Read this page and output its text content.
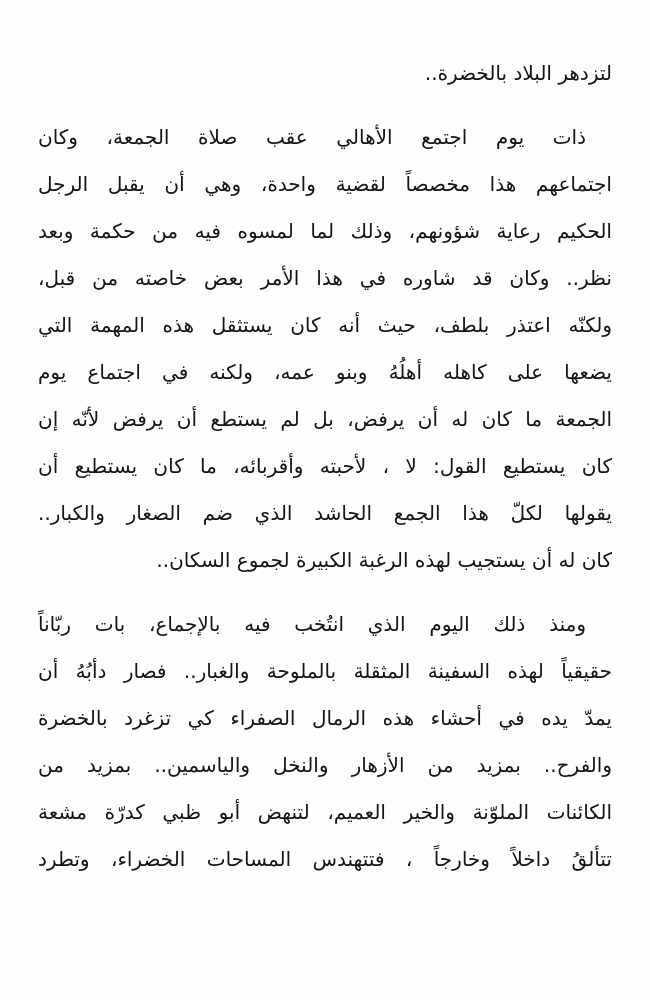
لتزدهر البلاد بالخضرة..
ذات يوم اجتمع الأهالي عقب صلاة الجمعة، وكان
اجتماعهم هذا مخصصاً لقضية واحدة، وهي أن يقبل الرجل
الحكيم رعاية شؤونهم، وذلك لما لمسوه فيه من حكمة وبعد
نظر.. وكان قد شاوره في هذا الأمر بعض خاصته من قبل،
ولكنّه اعتذر بلطف، حيث أنه كان يستثقل هذه المهمة التي
يضعها على كاهله أهلُهُ وبنو عمه، ولكنه في اجتماع يوم
الجمعة ما كان له أن يرفض، بل لم يستطع أن يرفض لأنّه إن
كان يستطيع القول: لا ، لأحبته وأقربائه، ما كان يستطيع أن
يقولها لكلّ هذا الجمع الحاشد الذي ضم الصغار والكبار..
كان له أن يستجيب لهذه الرغبة الكبيرة لجموع السكان..
ومنذ ذلك اليوم الذي انتُخب فيه بالإجماع، بات ربّاناً
حقيقياً لهذه السفينة المثقلة بالملوحة والغبار.. فصار دأبُهُ أن
يمدّ يده في أحشاء هذه الرمال الصفراء كي تزغرد بالخضرة
والفرح.. بمزيد من الأزهار والنخل والياسمين.. بمزيد من
الكائنات الملوّنة والخير العميم، لتنهض أبو ظبي كدرّة مشعة
تتألقُ داخلاً وخارجاً ، فتتهندس المساحات الخضراء، وتطرد
